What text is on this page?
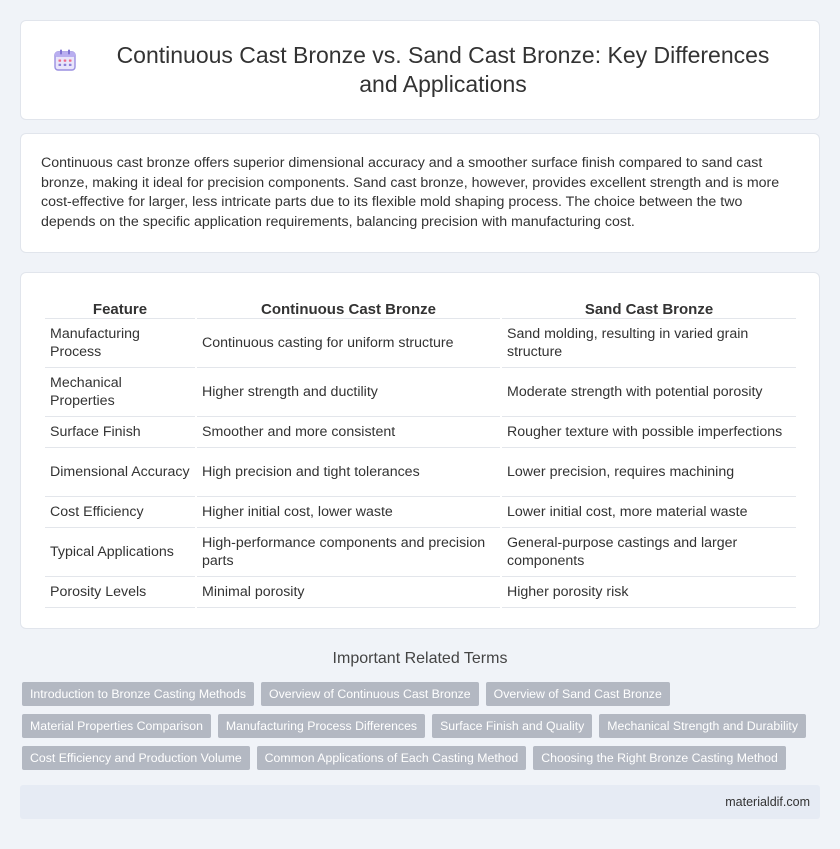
Continuous Cast Bronze vs. Sand Cast Bronze: Key Differences and Applications

Continuous cast bronze offers superior dimensional accuracy and a smoother surface finish compared to sand cast bronze, making it ideal for precision components. Sand cast bronze, however, provides excellent strength and is more cost-effective for larger, less intricate parts due to its flexible mold shaping process. The choice between the two depends on the specific application requirements, balancing precision with manufacturing cost.

Feature	Continuous Cast Bronze	Sand Cast Bronze
Manufacturing Process	Continuous casting for uniform structure	Sand molding, resulting in varied grain structure
Mechanical Properties	Higher strength and ductility	Moderate strength with potential porosity
Surface Finish	Smoother and more consistent	Rougher texture with possible imperfections
Dimensional Accuracy	High precision and tight tolerances	Lower precision, requires machining
Cost Efficiency	Higher initial cost, lower waste	Lower initial cost, more material waste
Typical Applications	High-performance components and precision parts	General-purpose castings and larger components
Porosity Levels	Minimal porosity	Higher porosity risk
Important Related Terms
Introduction to Bronze Casting Methods	Overview of Continuous Cast Bronze	Overview of Sand Cast Bronze
Material Properties Comparison	Manufacturing Process Differences	Surface Finish and Quality	Mechanical Strength and Durability
Cost Efficiency and Production Volume	Common Applications of Each Casting Method	Choosing the Right Bronze Casting Method
materialdif.com
